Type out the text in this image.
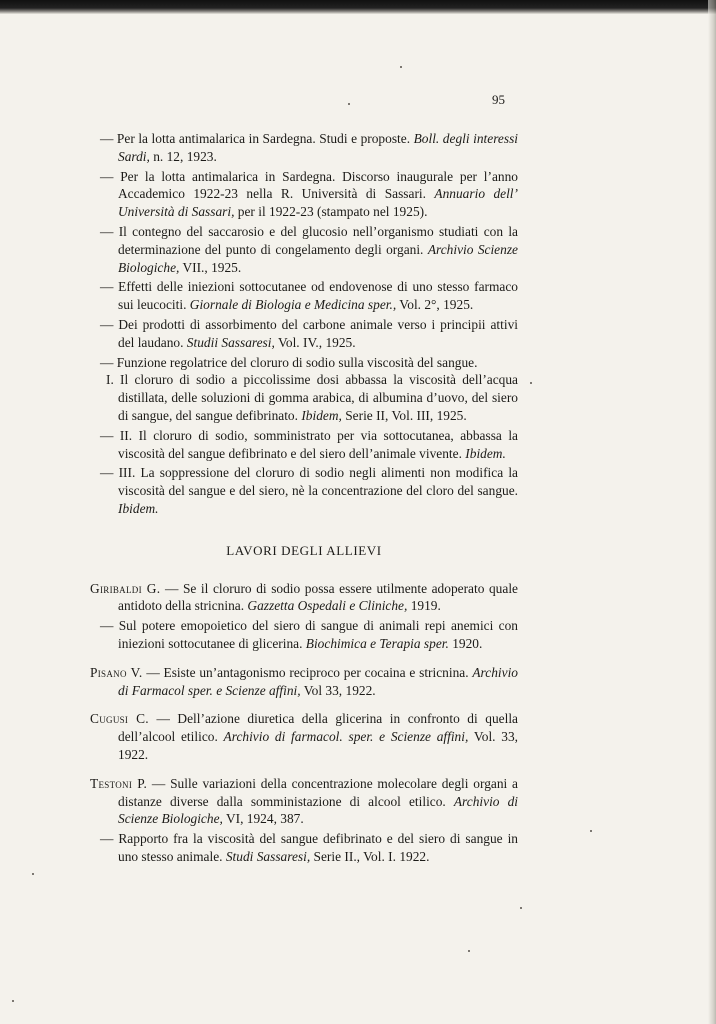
95

— Per la lotta antimalarica in Sardegna. Studi e proposte. Boll. degli interessi Sardi, n. 12, 1923.

— Per la lotta antimalarica in Sardegna. Discorso inaugurale per l’anno Accademico 1922-23 nella R. Università di Sassari. Annuario dell’ Università di Sassari, per il 1922-23 (stampato nel 1925).

— Il contegno del saccarosio e del glucosio nell’organismo studiati con la determinazione del punto di congelamento degli organi. Archivio Scienze Biologiche, VII., 1925.

— Effetti delle iniezioni sottocutanee od endovenose di uno stesso farmaco sui leucociti. Giornale di Biologia e Medicina sper., Vol. 2°, 1925.

— Dei prodotti di assorbimento del carbone animale verso i principii attivi del laudano. Studii Sassaresi, Vol. IV., 1925.

— Funzione regolatrice del cloruro di sodio sulla viscosità del sangue.

I. Il cloruro di sodio a piccolissime dosi abbassa la viscosità dell’acqua distillata, delle soluzioni di gomma arabica, di albumina d’uovo, del siero di sangue, del sangue defibrinato. Ibidem, Serie II, Vol. III, 1925.

— II. Il cloruro di sodio, somministrato per via sottocutanea, abbassa la viscosità del sangue defibrinato e del siero dell’animale vivente. Ibidem.

— III. La soppressione del cloruro di sodio negli alimenti non modifica la viscosità del sangue e del siero, nè la concentrazione del cloro del sangue. Ibidem.

LAVORI DEGLI ALLIEVI

Giribaldi G. — Se il cloruro di sodio possa essere utilmente adoperato quale antidoto della stricnina. Gazzetta Ospedali e Cliniche, 1919.

— Sul potere emopoietico del siero di sangue di animali repi anemici con iniezioni sottocutanee di glicerina. Biochimica e Terapia sper. 1920.

Pisano V. — Esiste un’antagonismo reciproco per cocaina e stricnina. Archivio di Farmacol sper. e Scienze affini, Vol 33, 1922.

Cugusi C. — Dell’azione diuretica della glicerina in confronto di quella dell’alcool etilico. Archivio di farmacol. sper. e Scienze affini, Vol. 33, 1922.

Testoni P. — Sulle variazioni della concentrazione molecolare degli organi a distanze diverse dalla somministazione di alcool etilico. Archivio di Scienze Biologiche, VI, 1924, 387.

— Rapporto fra la viscosità del sangue defibrinato e del siero di sangue in uno stesso animale. Studi Sassaresi, Serie II., Vol. I. 1922.
